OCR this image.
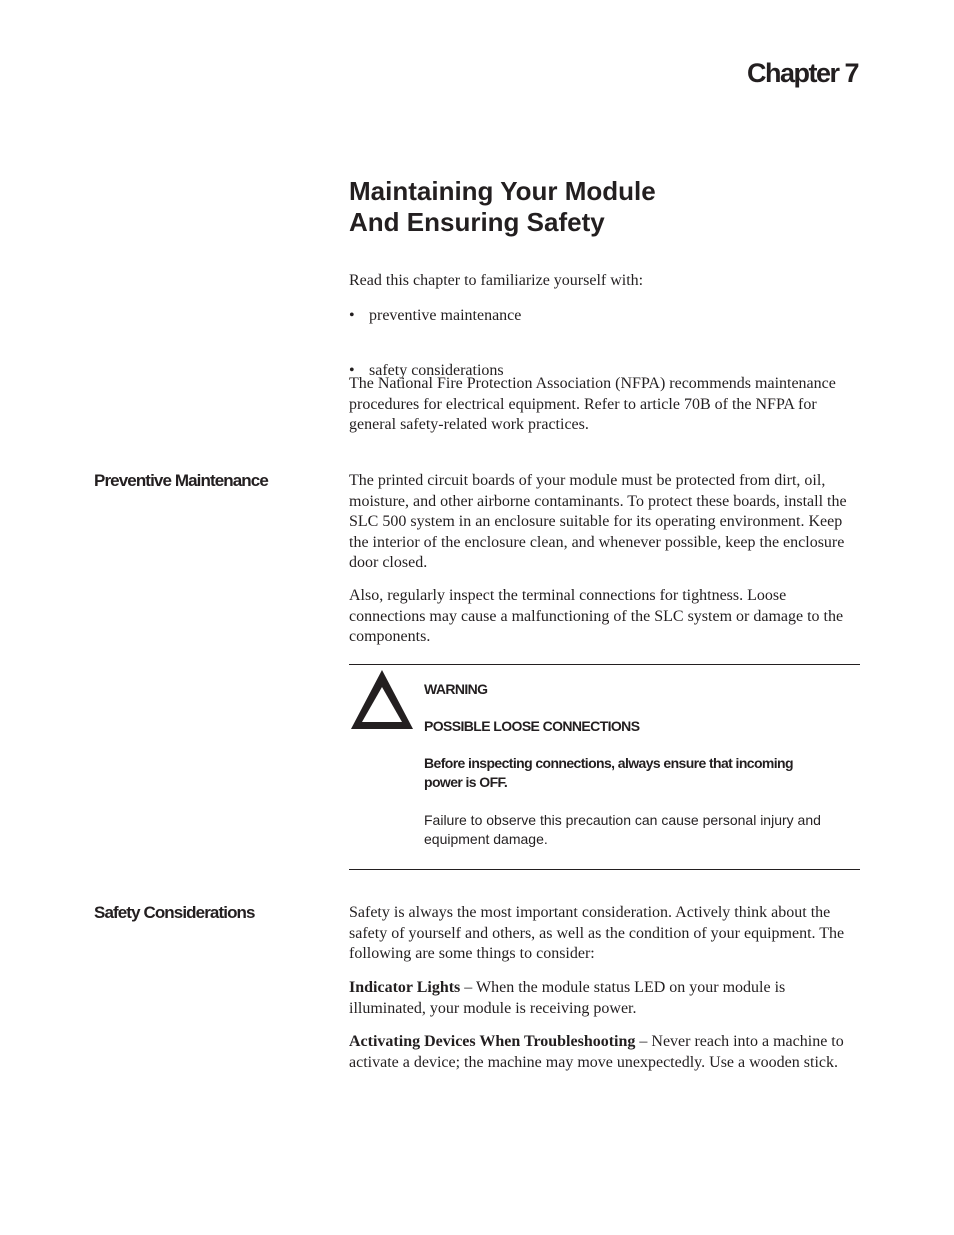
Chapter 7
Maintaining Your Module
And Ensuring Safety

Read this chapter to familiarize yourself with:

• preventive maintenance
• safety considerations

The National Fire Protection Association (NFPA) recommends maintenance procedures for electrical equipment. Refer to article 70B of the NFPA for general safety-related work practices.

Preventive Maintenance	The printed circuit boards of your module must be protected from dirt, oil, moisture, and other airborne contaminants. To protect these boards, install the SLC 500 system in an enclosure suitable for its operating environment. Keep the interior of the enclosure clean, and whenever possible, keep the enclosure door closed.

Also, regularly inspect the terminal connections for tightness. Loose connections may cause a malfunctioning of the SLC system or damage to the components.

WARNING
POSSIBLE LOOSE CONNECTIONS
Before inspecting connections, always ensure that incoming power is OFF.
Failure to observe this precaution can cause personal injury and equipment damage.
Safety Considerations	Safety is always the most important consideration. Actively think about the safety of yourself and others, as well as the condition of your equipment. The following are some things to consider:

Indicator Lights – When the module status LED on your module is illuminated, your module is receiving power.

Activating Devices When Troubleshooting – Never reach into a machine to activate a device; the machine may move unexpectedly. Use a wooden stick.
